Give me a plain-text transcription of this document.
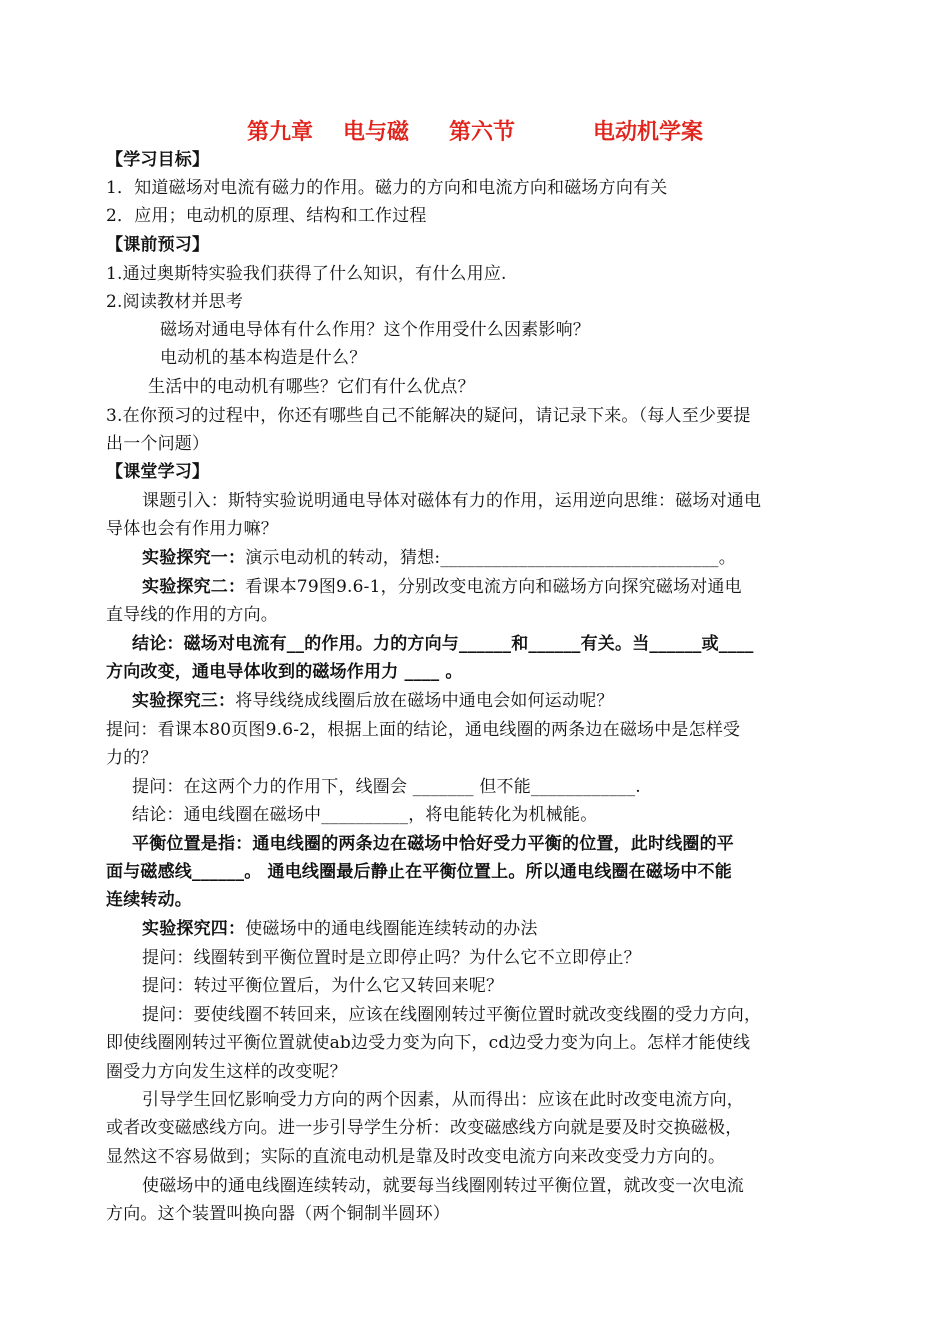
第九章 电与磁 第六节	电动机学案
【学习目标】
1．知道磁场对电流有磁力的作用。磁力的方向和电流方向和磁场方向有关
2．应用；电动机的原理、结构和工作过程
【课前预习】
1.通过奥斯特实验我们获得了什么知识，有什么用应.
2.阅读教材并思考
磁场对通电导体有什么作用？这个作用受什么因素影响？
电动机的基本构造是什么？
生活中的电动机有哪些？它们有什么优点？
3.在你预习的过程中，你还有哪些自己不能解决的疑问，请记录下来。（每人至少要提
出一个问题）
【课堂学习】
课题引入：斯特实验说明通电导体对磁体有力的作用，运用逆向思维：磁场对通电
导体也会有作用力嘛？
实验探究一：演示电动机的转动，猜想:________________________________。
实验探究二：看课本79图9.6-1，分别改变电流方向和磁场方向探究磁场对通电
直导线的作用的方向。
结论：磁场对电流有__的作用。力的方向与______和______有关。当______或____
方向改变，通电导体收到的磁场作用力 ____ 。
实验探究三：将导线绕成线圈后放在磁场中通电会如何运动呢？
提问：看课本80页图9.6-2，根据上面的结论，通电线圈的两条边在磁场中是怎样受
力的？
提问：在这两个力的作用下，线圈会 _______ 但不能____________.
结论：通电线圈在磁场中__________，将电能转化为机械能。
平衡位置是指：通电线圈的两条边在磁场中恰好受力平衡的位置，此时线圈的平
面与磁感线______。 通电线圈最后静止在平衡位置上。所以通电线圈在磁场中不能
连续转动。
实验探究四：使磁场中的通电线圈能连续转动的办法
提问：线圈转到平衡位置时是立即停止吗？为什么它不立即停止？
提问：转过平衡位置后，为什么它又转回来呢？
提问：要使线圈不转回来，应该在线圈刚转过平衡位置时就改变线圈的受力方向，
即使线圈刚转过平衡位置就使ab边受力变为向下，cd边受力变为向上。怎样才能使线
圈受力方向发生这样的改变呢？
引导学生回忆影响受力方向的两个因素，从而得出：应该在此时改变电流方向，
或者改变磁感线方向。进一步引导学生分析：改变磁感线方向就是要及时交换磁极，
显然这不容易做到；实际的直流电动机是靠及时改变电流方向来改变受力方向的。
使磁场中的通电线圈连续转动，就要每当线圈刚转过平衡位置，就改变一次电流
方向。这个装置叫换向器（两个铜制半圆环）
